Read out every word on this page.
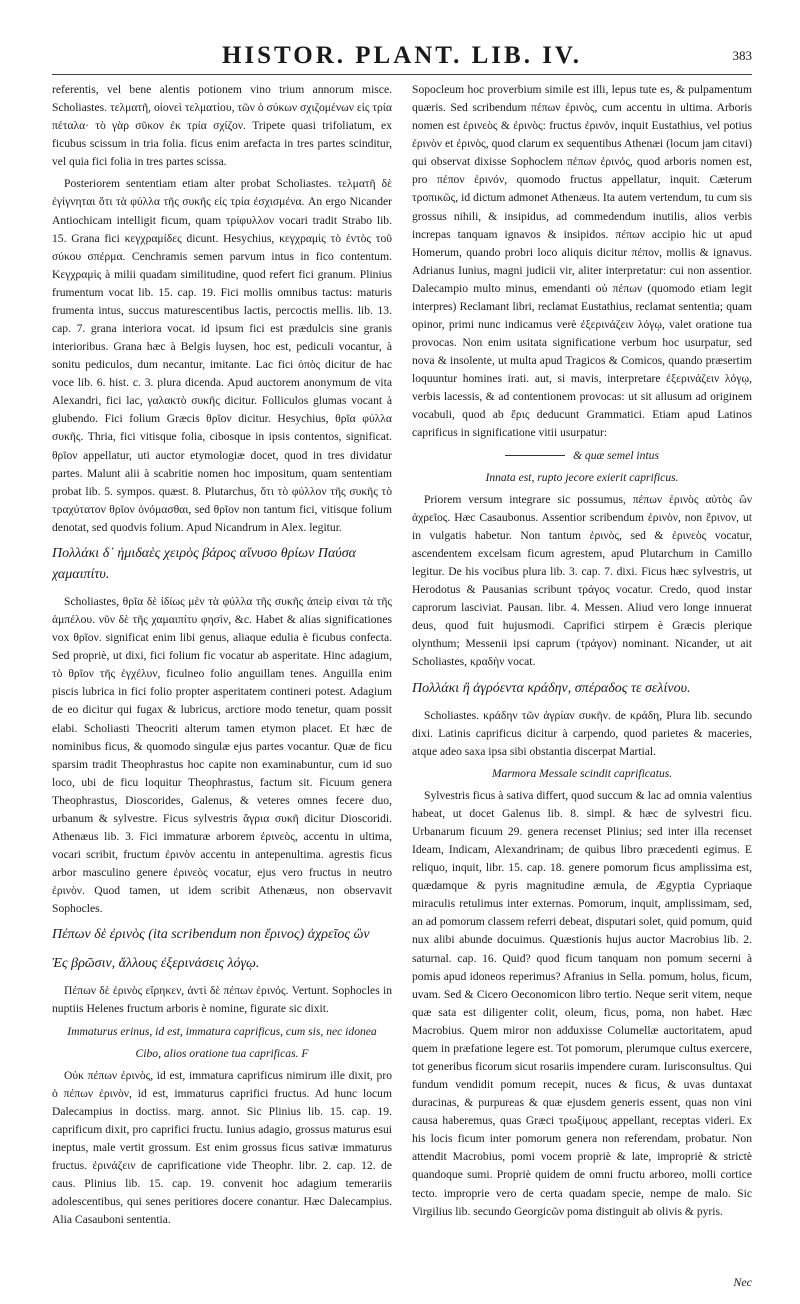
HISTOR. PLANT. LIB. IV.	383

referentis, vel bene alentis potionem vino trium annorum misce. Scholiastes. τελματῆ, οἱονεὶ τελματίου, τῶν ὁ σύκων σχιζομένων εἰς τρία πέταλα· τὸ γὰρ σῦκον ἐκ τρία σχίζον. Tripete quasi trifoliatum, ex ficubus scissum in tria folia. ficus enim arefacta in tres partes scinditur, vel quia fici folia in tres partes scissa.

Posteriorem sententiam etiam alter probat Scholiastes. τελματῆ δὲ ἐγίγνηται ὅτι τὰ φύλλα τῆς συκῆς εἰς τρία ἐσχισμένα. An ergo Nicander Antiochicam intelligit ficum, quam τρίφυλλον vocari tradit Strabo lib. 15. Grana fici κεγχραμίδες dicunt. Hesychius, κεγχραμὶς τὸ ἐντὸς τοῦ σύκου σπέρμα. Cenchramis semen parvum intus in fico contentum. Κεγχραμὶς à milii quadam similitudine, quod refert fici granum. Plinius frumentum vocat lib. 15. cap. 19. Fici mollis omnibus tactus: maturis frumenta intus, succus maturescentibus lactis, percoctis mellis. lib. 13. cap. 7. grana interiora vocat. id ipsum fici est prædulcis sine granis interioribus. Grana hæc à Belgis luysen, hoc est, pediculi vocantur, à sonitu pediculos, dum necantur, imitante. Lac fici ὀπὸς dicitur de hac voce lib. 6. hist. c. 3. plura dicenda. Apud auctorem anonymum de vita Alexandri, fici lac, γαλακτὸ συκῆς dicitur. Folliculos glumas vocant à glubendo. Fici folium Græcis θρῖον dicitur. Hesychius, θρῖα φύλλα συκῆς. Thria, fici vitisque folia, cibosque in ipsis contentos, significat. θρῖον appellatur, uti auctor etymologiæ docet, quod in tres dividatur partes. Malunt alii à scabritie nomen hoc impositum, quam sententiam probat lib. 5. sympos. quæst. 8. Plutarchus, ὅτι τὸ φύλλον τῆς συκῆς τὸ τραχύτατον θρῖον ὀνόμασθαι, sed θρῖον non tantum fici, vitisque folium denotat, sed quodvis folium. Apud Nicandrum in Alex. legitur.

Πολλάκι δ᾽ ἠμιδαὲς χειρὸς βάρος αἴνυσο θρίων Παύσα χαμαιπίτυ.

Scholiastes, θρῖα δὲ ἰδίως μὲν τὰ φύλλα τῆς συκῆς ἀπεὶρ εἰναι τὰ τῆς ἀμπέλου. νῦν δὲ τῆς χαμαιπίτυ φησὶν, &c. Habet & alias significationes vox θρῖον. significat enim libi genus, aliaque edulia è ficubus confecta. Sed propriè, ut dixi, fici folium fic vocatur ab asperitate. Hinc adagium, τὸ θρῖον τῆς ἐγχέλυν, ficulneo folio anguillam tenes. Anguilla enim piscis lubrica in fici folio propter asperitatem contineri potest. Adagium de eo dicitur qui fugax & lubricus, arctiore modo tenetur, quam possit elabi. Scholiasti Theocriti alterum tamen etymon placet. Et hæc de nominibus ficus, & quomodo singulæ ejus partes vocantur. Quæ de ficu sparsim tradit Theophrastus hoc capite non examinabuntur, cum id suo loco, ubi de ficu loquitur Theophrastus, factum sit. Ficuum genera Theophrastus, Dioscorides, Galenus, & veteres omnes fecere duo, urbanum & sylvestre. Ficus sylvestris ἄγρια συκῆ dicitur Dioscoridi. Athenæus lib. 3. Fici immaturæ arborem ἐρινεὸς, accentu in ultima, vocari scribit, fructum ἐρινὸν accentu in antepenultima. agrestis ficus arbor masculino genere ἐρινεὸς vocatur, ejus vero fructus in neutro ἐρινὸν. Quod tamen, ut idem scribit Athenæus, non observavit Sophocles.

Πέπων δὲ ἐρινὸς (ita scribendum non ἔρινος) ἀχρεῖος ὢν
Ἐς βρῶσιν, ἄλλους ἐξερινάσεις λόγῳ.

Πέπων δὲ ἐρινὸς εἴρηκεν, ἀντὶ δὲ πέπων ἐρινός. Vertunt. Sophocles in nuptiis Helenes fructum arboris è nomine, figurate sic dixit.

Immaturus erinus, id est, immatura caprificus, cum sis, nec idonea
Cibo, alios oratione tua caprificas. F

Οὐκ πέπων ἐρινὸς, id est, immatura caprificus nimirum ille dixit, pro ὁ πέπων ἐρινὸν, id est, immaturus caprifici fructus. Ad hunc locum Dalecampius in doctiss. marg. annot. Sic Plinius lib. 15. cap. 19. caprificum dixit, pro caprifici fructu. Iunius adagio, grossus maturus esui ineptus, male vertit grossum. Est enim grossus ficus sativæ immaturus fructus. ἐρινάζειν de caprificatione vide Theophr. libr. 2. cap. 12. de caus. Plinius lib. 15. cap. 19. convenit hoc adagium temerariis adolescentibus, qui senes peritiores docere conantur. Hæc Dalecampius. Alia Casauboni sententia.

Sopocleum hoc proverbium simile est illi, lepus tute es, & pulpamentum quæris. Sed scribendum πέπων ἐρινὸς, cum accentu in ultima. Arboris nomen est ἐρινεὸς & ἐρινὸς: fructus ἐρινόν, inquit Eustathius, vel potius ἐρινὸν et ἐρινὸς, quod clarum ex sequentibus Athenæi (locum jam citavi) qui observat dixisse Sophoclem πέπων ἐρινός, quod arboris nomen est, pro πέπον ἐρινόν, quomodo fructus appellatur, inquit. Cæterum τροπικῶς, id dictum admonet Athenæus. Ita autem vertendum, tu cum sis grossus nihili, & insipidus, ad commedendum inutilis, alios verbis increpas tanquam ignavos & insipidos. πέπων accipio hic ut apud Homerum, quando probri loco aliquis dicitur πέπον, mollis & ignavus. Adrianus Iunius, magni judicii vir, aliter interpretatur: cui non assentior. Dalecampio multo minus, emendanti οὐ πέπων (quomodo etiam legit interpres) Reclamant libri, reclamat Eustathius, reclamat sententia; quam opinor, primi nunc indicamus verè ἐξερινάζειν λόγῳ, valet oratione tua provocas. Non enim usitata significatione verbum hoc usurpatur, sed nova & insolente, ut multa apud Tragicos & Comicos, quando præsertim loquuntur homines irati. aut, si mavis, interpretare ἐξερινάζειν λόγῳ, verbis lacessis, & ad contentionem provocas: ut sit allusum ad originem vocabuli, quod ab ἔρις deducunt Grammatici. Etiam apud Latinos caprificus in significatione vitii usurpatur:

& quæ semel intus
Innata est, rupto jecore exierit caprificus.

Priorem versum integrare sic possumus, πέπων ἐρινὸς αὐτὸς ὢν ἀχρεῖος. Hæc Casaubonus. Assentior scribendum ἐρινὸν, non ἔρινον, ut in vulgatis habetur. Non tantum ἐρινὸς, sed & ἐρινεὸς vocatur, ascendentem excelsam ficum agrestem, apud Plutarchum in Camillo legitur. De his vocibus plura lib. 3. cap. 7. dixi. Ficus hæc sylvestris, ut Herodotus & Pausanias scribunt τράγος vocatur. Credo, quod instar caprorum lasciviat. Pausan. libr. 4. Messen. Aliud vero longe innuerat deus, quod fuit hujusmodi. Caprifici stirpem è Græcis plerique olynthum; Messenii ipsi caprum (τράγον) nominant. Nicander, ut ait Scholiastes, κραδὴν vocat.

Πολλάκι ἢ ἀγρόεντα κράδην, σπέραδος τε σελίνου.

Scholiastes. κράδην τῶν ἀγρίαν συκῆν. de κράδη, Plura lib. secundo dixi. Latinis caprificus dicitur à carpendo, quod parietes & maceries, atque adeo saxa ipsa sibi obstantia discerpat Martial.

Marmora Messale scindit caprificatus.

Sylvestris ficus à sativa differt, quod succum & lac ad omnia valentius habeat, ut docet Galenus lib. 8. simpl. & hæc de sylvestri ficu. Urbanarum ficuum 29. genera recenset Plinius; sed inter illa recenset Ideam, Indicam, Alexandrinam; de quibus libro præcedenti egimus. E reliquo, inquit, libr. 15. cap. 18. genere pomorum ficus amplissima est, quædamque & pyris magnitudine æmula, de Ægyptia Cypriaque miraculis retulimus inter externas. Pomorum, inquit, amplissimam, sed, an ad pomorum classem referri debeat, disputari solet, quid pomum, quid nux alibi abunde docuimus. Quæstionis hujus auctor Macrobius lib. 2. saturnal. cap. 16. Quid? quod ficum tanquam non pomum secerni à pomis apud idoneos reperimus? Afranius in Sella. pomum, holus, ficum, uvam. Sed & Cicero Oeconomicon libro tertio. Neque serit vitem, neque quæ sata est diligenter colit, oleum, ficus, poma, non habet. Hæc Macrobius. Quem miror non adduxisse Columellæ auctoritatem, apud quem in præfatione legere est. Tot pomorum, plerumque cultus exercere, tot generibus ficorum sicut rosariis impendere curam. Iurisconsultus. Qui fundum vendidit pomum recepit, nuces & ficus, & uvas duntaxat duracinas, & purpureas & quæ ejusdem generis essent, quas non vini causa haberemus, quas Græci τρωξίμους appellant, receptas videri. Ex his locis ficum inter pomorum genera non referendam, probatur. Non attendit Macrobius, pomi vocem propriè & late, impropriè & strictè quandoque sumi. Propriè quidem de omni fructu arboreo, molli cortice tecto. improprie vero de certa quadam specie, nempe de malo. Sic Virgilius lib. secundo Georgicῶν poma distinguit ab olivis & pyris.

Nec
